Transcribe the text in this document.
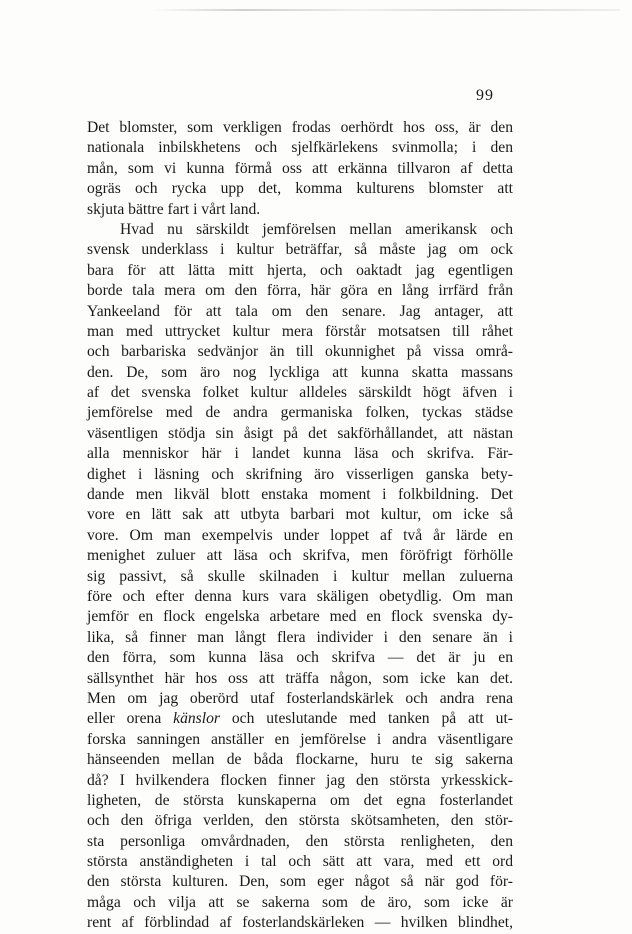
99
Det blomster, som verkligen frodas oerhördt hos oss, är den
nationala inbilskhetens och sjelfkärlekens svinmolla; i den
mån, som vi kunna förmå oss att erkänna tillvaron af detta
ogräs och rycka upp det, komma kulturens blomster att
skjuta bättre fart i vårt land.
Hvad nu särskildt jemförelsen mellan amerikansk och
svensk underklass i kultur beträffar, så måste jag om ock
bara för att lätta mitt hjerta, och oaktadt jag egentligen
borde tala mera om den förra, här göra en lång irrfärd från
Yankeeland för att tala om den senare. Jag antager, att
man med uttrycket kultur mera förstår motsatsen till råhet
och barbariska sedvänjor än till okunnighet på vissa områ-
den. De, som äro nog lyckliga att kunna skatta massans
af det svenska folket kultur alldeles särskildt högt äfven i
jemförelse med de andra germaniska folken, tyckas städse
väsentligen stödja sin åsigt på det sakförhållandet, att nästan
alla menniskor här i landet kunna läsa och skrifva. Fär-
dighet i läsning och skrifning äro visserligen ganska bety-
dande men likväl blott enstaka moment i folkbildning. Det
vore en lätt sak att utbyta barbari mot kultur, om icke så
vore. Om man exempelvis under loppet af två år lärde en
menighet zuluer att läsa och skrifva, men föröfrigt förhölle
sig passivt, så skulle skilnaden i kultur mellan zuluerna
före och efter denna kurs vara skäligen obetydlig. Om man
jemför en flock engelska arbetare med en flock svenska dy-
lika, så finner man långt flera individer i den senare än i
den förra, som kunna läsa och skrifva — det är ju en
sällsynthet här hos oss att träffa någon, som icke kan det.
Men om jag oberörd utaf fosterlandskärlek och andra rena
eller orena känslor och uteslutande med tanken på att ut-
forska sanningen anställer en jemförelse i andra väsentligare
hänseenden mellan de båda flockarne, huru te sig sakerna
då? I hvilkendera flocken finner jag den största yrkesskick-
ligheten, de största kunskaperna om det egna fosterlandet
och den öfriga verlden, den största skötsamheten, den stör-
sta personliga omvårdnaden, den största renligheten, den
största anständigheten i tal och sätt att vara, med ett ord
den största kulturen. Den, som eger något så när god för-
måga och vilja att se sakerna som de äro, som icke är
rent af förblindad af fosterlandskärleken — hvilken blindhet,
